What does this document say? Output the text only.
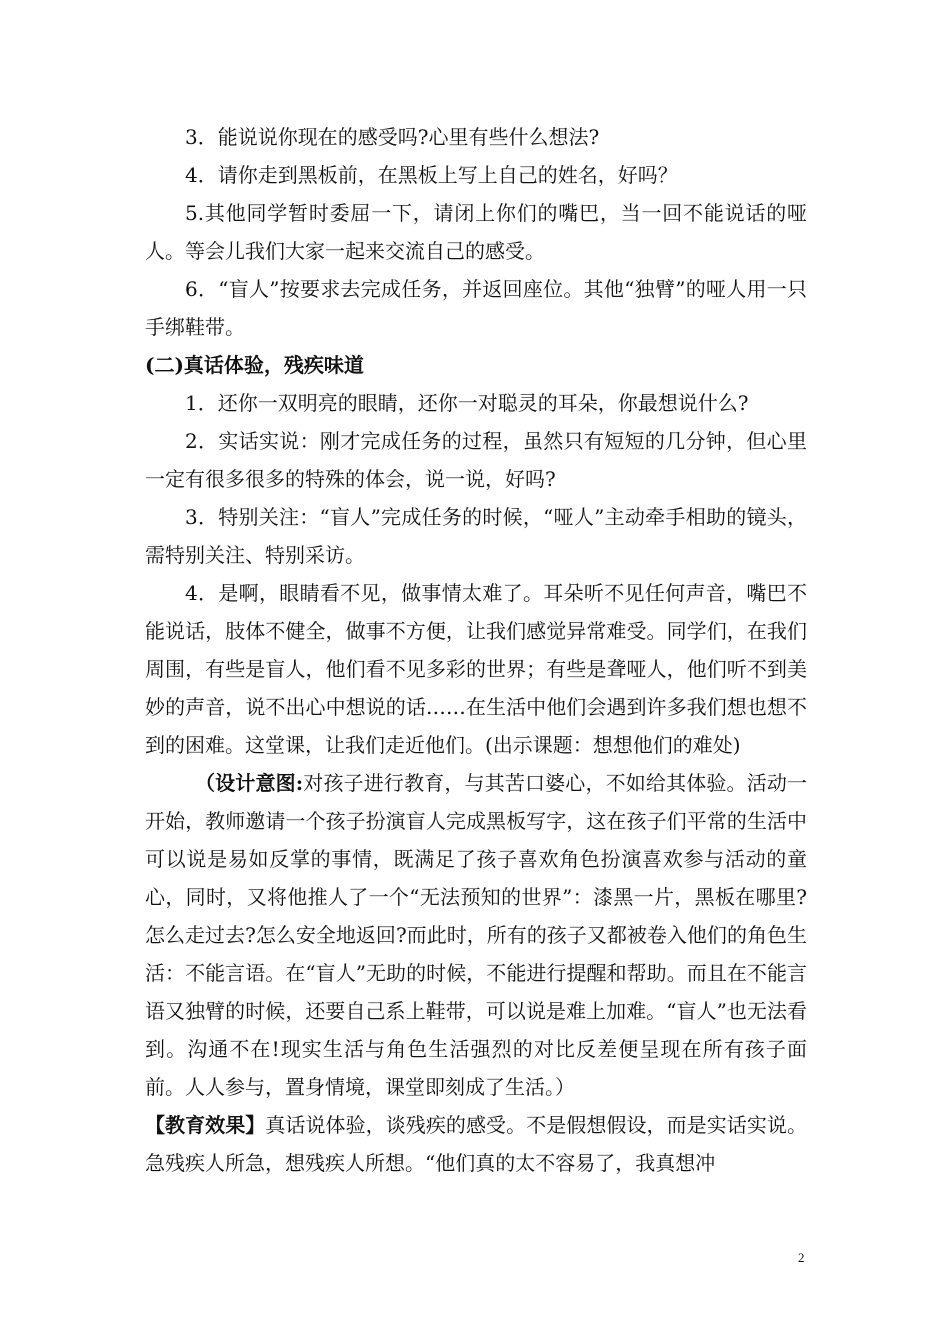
3．能说说你现在的感受吗?心里有些什么想法?

4．请你走到黑板前，在黑板上写上自己的姓名，好吗？

5.其他同学暂时委屈一下，请闭上你们的嘴巴，当一回不能说话的哑人。等会儿我们大家一起来交流自己的感受。

6．“盲人”按要求去完成任务，并返回座位。其他“独臂”的哑人用一只手绑鞋带。

(二)真话体验，残疾味道

1．还你一双明亮的眼睛，还你一对聪灵的耳朵，你最想说什么?

2．实话实说：刚才完成任务的过程，虽然只有短短的几分钟，但心里一定有很多很多的特殊的体会，说一说，好吗?

3．特别关注：“盲人”完成任务的时候，“哑人”主动牵手相助的镜头，需特别关注、特别采访。

4．是啊，眼睛看不见，做事情太难了。耳朵听不见任何声音，嘴巴不能说话，肢体不健全，做事不方便，让我们感觉异常难受。同学们，在我们周围，有些是盲人，他们看不见多彩的世界；有些是聋哑人，他们听不到美妙的声音，说不出心中想说的话……在生活中他们会遇到许多我们想也想不到的困难。这堂课，让我们走近他们。(出示课题：想想他们的难处)

（设计意图:对孩子进行教育，与其苦口婆心，不如给其体验。活动一开始，教师邀请一个孩子扮演盲人完成黑板写字，这在孩子们平常的生活中可以说是易如反掌的事情，既满足了孩子喜欢角色扮演喜欢参与活动的童心，同时，又将他推人了一个“无法预知的世界”：漆黑一片，黑板在哪里?怎么走过去?怎么安全地返回?而此时，所有的孩子又都被卷入他们的角色生活：不能言语。在“盲人”无助的时候，不能进行提醒和帮助。而且在不能言语又独臂的时候，还要自己系上鞋带，可以说是难上加难。“盲人”也无法看到。沟通不在!现实生活与角色生活强烈的对比反差便呈现在所有孩子面前。人人参与，置身情境，课堂即刻成了生活。）

【教育效果】真话说体验，谈残疾的感受。不是假想假设，而是实话实说。急残疾人所急，想残疾人所想。“他们真的太不容易了，我真想冲

2
